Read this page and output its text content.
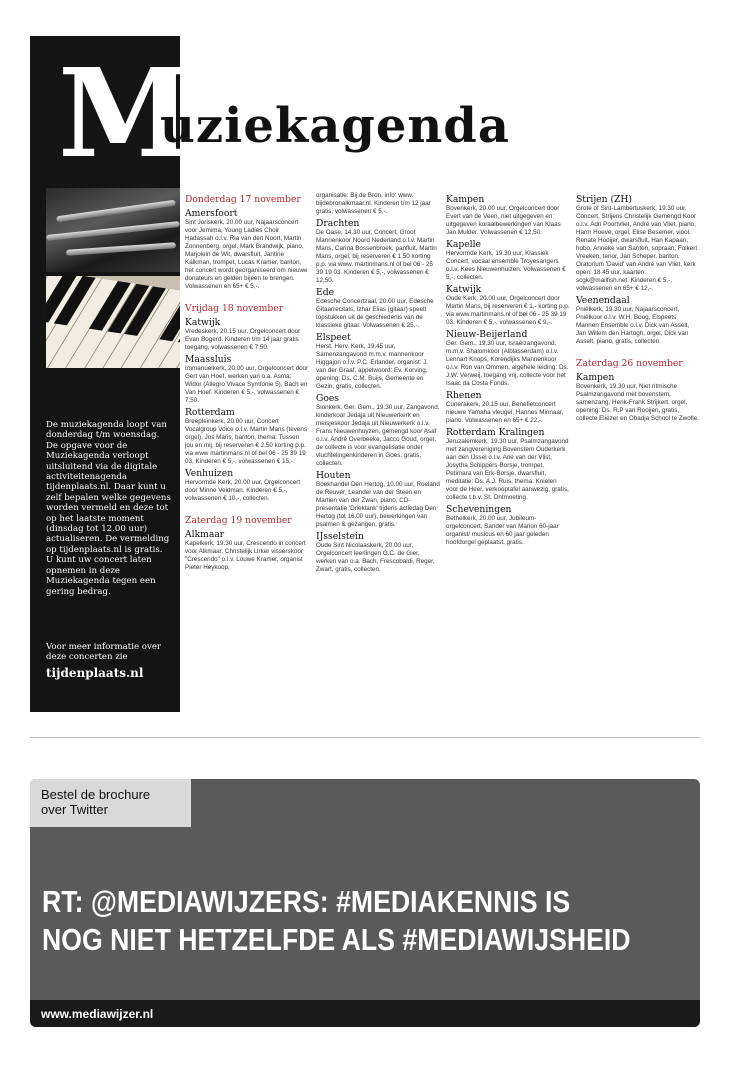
De muziekagenda loopt van donderdag t/m woensdag. De opgave voor de Muziekagenda verloopt uitsluitend via de digitale activiteitenagenda tijdenplaats.nl. Daar kunt u zelf bepalen welke gegevens worden vermeld en deze tot op het laatste moment (dinsdag tot 12.00 uur) actualiseren. De vermelding op tijdenplaats.nl is gratis. U kunt uw concert laten opnemen in deze Muziekagenda tegen een gering bedrag.
Voor meer informatie over deze concerten zie
tijdenplaats.nl
M
uziekagenda
Donderdag 17 november
Amersfoort
Sint Joriskerk, 20.00 uur, Najaarsconcert voor Jemima, Young Ladies Choir Hadassah o.l.v. Ria van den Noort, Martin Zonnenberg, orgel, Mark Brandwijk, piano, Marjolein de Wit, dwarsfluit, Jantine Kalkman, trompet, Lucas Kramer, bariton, het concert wordt georganiseerd om nieuwe donateurs en gelden bijeen te brengen. Volwassenen en 65+ € 5,-.
Vrijdag 18 november
Katwijk
Vredeskerk, 20.15 uur, Orgelconcert door Evan Bogerd. Kinderen t/m 14 jaar gratis toegang, volwassenen € 7,50.
Maassluis
Immanuelkerk, 20.00 uur, Orgelconcert door Gert van Hoef, werken van o.a. Asma; Widor (Allegro Vivace Symfonie 5), Bach en Van Hoef. Kinderen € 5,-, volwassenen € 7,50.
Rotterdam
Breepleinkerk, 20.00 uur, Concert Vocalgroup Voice o.l.v. Martin Mans (tevens orgel), Jos Maris, bariton, thema: Tussen jou en mij, bij reserveren € 2,50 korting p.p. via www martinmans.nl of bel 06 - 25 39 19 03. Kinderen € 5,-, volwassenen € 15,-.
Venhuizen
Hervormde Kerk, 20.00 uur, Orgelconcert door Minne Veldman. Kinderen € 5,-, volwassenen € 10,-, collecten.
Zaterdag 19 november
Alkmaar
Kapelkerk, 19.30 uur, Crescendo in concert voor Alkmaar, Christelijk Urker visserskoor "Crescendo" o.l.v. Louwe Kramer, organist Pieter Heykoop,
organisatie: Bij de Bron, info: www. bijdebronalkmaar.nl. Kinderen t/m 12 jaar gratis, volwassenen € 5,-.
Drachten
De Oase, 14.30 uur, Concert, Groot Mannenkoor Noord Nederland o.l.v. Martin Mans, Carina Bossenbroek, panfluit, Martin Mans, orgel, bij reserveren € 1,50 korting p.p. via www. martinmans.nl of bel 06 - 25 39 19 03. Kinderen € 5,-, volwassenen € 12,50.
Ede
Edesche Concertzaal, 20.00 uur, Edesche Gitaarrecitals, Izhar Elias (gitaar) speelt topstukken uit de geschiedenis van de klassieke gitaar. Volwassenen € 25,-.
Elspeet
Herst. Herv. Kerk, 19.45 uur, Samenzangavond m.m.v. mannenkoor Higgajon o.l.v. P.C. Erlander, organist: J. van der Graaf, appelwoord: Ev. Korving, opening: Ds. C.M. Buijs, Gemeente en Gezin, gratis, collecten.
Goes
Sionkerk, Ger. Gem., 19.30 uur, Zangavond, kinderkoor Jedaja uit Nieuwerkerk en meisjeskoor Jedaja uit Nieuwerkerk o.l.v. Frans Nieuwenhuyzen, gemengd koor Asaf o.l.v. André Overbeeke, Jacco Goud, orgel, de collecte is voor evangelisatie onder vluchtelingenkinderen in Goes, gratis, collecten.
Houten
Boekhandel Den Hertog, 10.00 uur, Roeland de Reuver, Leander van der Steen en Martien van der Zwan, piano, CD-presentatie 'Drieklank' tijdens actiedag Den Hertog (tot 16.00 uur), bewerkingen van psalmen & gezangen, gratis.
IJsselstein
Oude Sint Nicolaaskerk, 20.00 uur, Orgelconcert leerlingen G.C. de Gier, werken van o.a. Bach, Frescobaldi, Reger, Zwart, gratis, collecten.
Kampen
Bovenkerk, 20.00 uur, Orgelconcert door Evert van de Veen, niet uitgegeven en uitgegeven koraalbewerkingen van Klaas Jan Mulder. Volwassenen € 12,50.
Kapelle
Hervormde Kerk, 19.30 uur, Klassiek Concert, vocaal ensemble Troyesangers o.l.v. Kees Nieuwenhuizen. Volwassenen € 5,-, collecten.
Katwijk
Oude Kerk, 20.00 uur, Orgelconcert door Martin Mans, bij reserveren € 1,- korting p.p. via www.martinmans.nl of bel 06 - 25 39 19 03. Kinderen € 5,-, volwassenen € 9,-.
Nieuw-Beijerland
Ger. Gem., 19.30 uur, Israëlzangavond, m.m.v. Shalomkoor (Alblasserdam) o.l.v. Lennart Knops, Korendijks Mannenkoor o.l.v. Ron van Ommen, algehele leiding: Ds. J.W. Verweij, toegang vrij, collecte voor het Isaac da Costa Fonds.
Rhenen
Cunerakerk, 20.15 uur, Benefietconcert nieuwe Yamaha vleugel, Hannes Minnaar, piano. Volwassenen en 65+ € 22,-.
Rotterdam Kralingen
Jeruzalemkerk, 19.30 uur, Psalmzangavond met zangvereniging Bovenstem Ouderkerk aan den IJssel o.l.v. Arie van der Vlist, Josytha Schippers-Borsje, trompet, Petimara van Erk-Borsje, dwarsfluit, meditatie: Ds. A.J. Ruis, thema: Knielen voor de Heer, verkooptafel aanwezig, gratis, collecte t.b.v. St. Ontmoeting.
Scheveningen
Bethelkerk, 20.00 uur, Jubileum-orgelconcert, Sander van Marion 60-jaar organist/ musicus en 60 jaar geleden hoofdorgel geplaatst, gratis.
Strijen (ZH)
Grote of Sint-Lambertuskerk, 19.30 uur, Concert, Strijens Christelijk Gemengd Koor o.l.v. Adri Poortvliet, André van Vliet, piano, Harm Hoeve, orgel, Elise Besemer, viool, Renate Hooijer, dwarsfluit, Han Kapaan, hobo, Anneke van Santen, sopraan, Folkert Vreeken, tenor, Jan Scheper, bariton, Oratorium 'David' van André van Vliet, kerk open: 18.45 uur, kaarten: scgk@mailfish.net. Kinderen € 5,-, volwassenen en 65+ € 12,-.
Veenendaal
Pniëlkerk, 19.30 uur, Najaarsconcert, Pniëlkoor o.l.v. W.H. Boog, Elspeets Mannen Ensemble o.l.v. Dick van Asselt, Jan Willem den Hartogh, orgel, Dick van Asselt, piano, gratis, collecten.
Zaterdag 26 november
Kampen
Bovenkerk, 19.30 uur, Niet ritmische Psalmzangavond met bovenstem, samenzang, Henk-Frank Strijkert, orgel, opening: Ds. R.P van Rooijen, gratis, collecte Eliëzer en Obadja School te Zwolle.
Bestel de brochure
over Twitter
RT: @MEDIAWIJZERS: #MEDIAKENNIS IS
NOG NIET HETZELFDE ALS #MEDIAWIJSHEID
www.mediawijzer.nl
